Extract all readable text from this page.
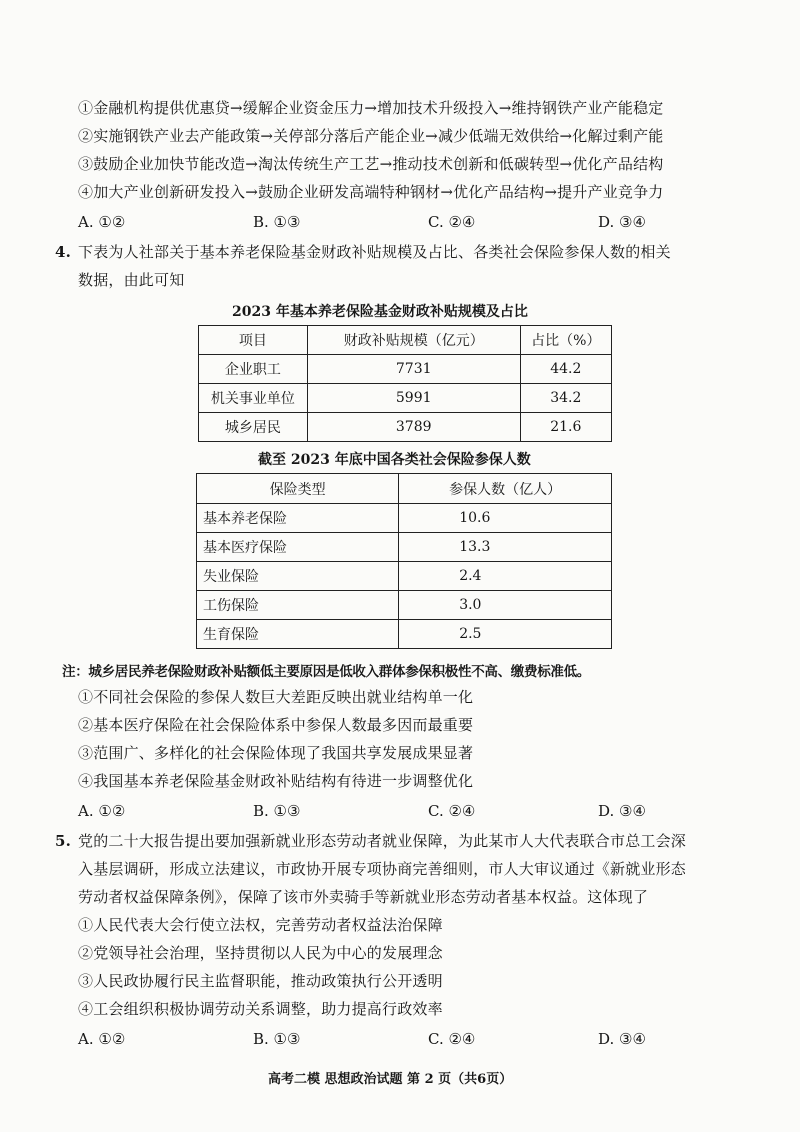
①金融机构提供优惠贷→缓解企业资金压力→增加技术升级投入→维持钢铁产业产能稳定
②实施钢铁产业去产能政策→关停部分落后产能企业→减少低端无效供给→化解过剩产能
③鼓励企业加快节能改造→淘汰传统生产工艺→推动技术创新和低碳转型→优化产品结构
④加大产业创新研发投入→鼓励企业研发高端特种钢材→优化产品结构→提升产业竞争力
A. ①②	B. ①③	C. ②④	D. ③④
4. 下表为人社部关于基本养老保险基金财政补贴规模及占比、各类社会保险参保人数的相关
数据，由此可知
2023 年基本养老保险基金财政补贴规模及占比
项目	财政补贴规模（亿元）	占比（%）
企业职工	7731	44.2
机关事业单位	5991	34.2
城乡居民	3789	21.6
截至 2023 年底中国各类社会保险参保人数
保险类型	参保人数（亿人）
基本养老保险	10.6
基本医疗保险	13.3
失业保险	2.4
工伤保险	3.0
生育保险	2.5
注：城乡居民养老保险财政补贴额低主要原因是低收入群体参保积极性不高、缴费标准低。
①不同社会保险的参保人数巨大差距反映出就业结构单一化
②基本医疗保险在社会保险体系中参保人数最多因而最重要
③范围广、多样化的社会保险体现了我国共享发展成果显著
④我国基本养老保险基金财政补贴结构有待进一步调整优化
A. ①②	B. ①③	C. ②④	D. ③④
5. 党的二十大报告提出要加强新就业形态劳动者就业保障，为此某市人大代表联合市总工会深
入基层调研，形成立法建议，市政协开展专项协商完善细则，市人大审议通过《新就业形态
劳动者权益保障条例》，保障了该市外卖骑手等新就业形态劳动者基本权益。这体现了
①人民代表大会行使立法权，完善劳动者权益法治保障
②党领导社会治理，坚持贯彻以人民为中心的发展理念
③人民政协履行民主监督职能，推动政策执行公开透明
④工会组织积极协调劳动关系调整，助力提高行政效率
A. ①②	B. ①③	C. ②④	D. ③④
高考二模 思想政治试题 第 2 页（共6页）
